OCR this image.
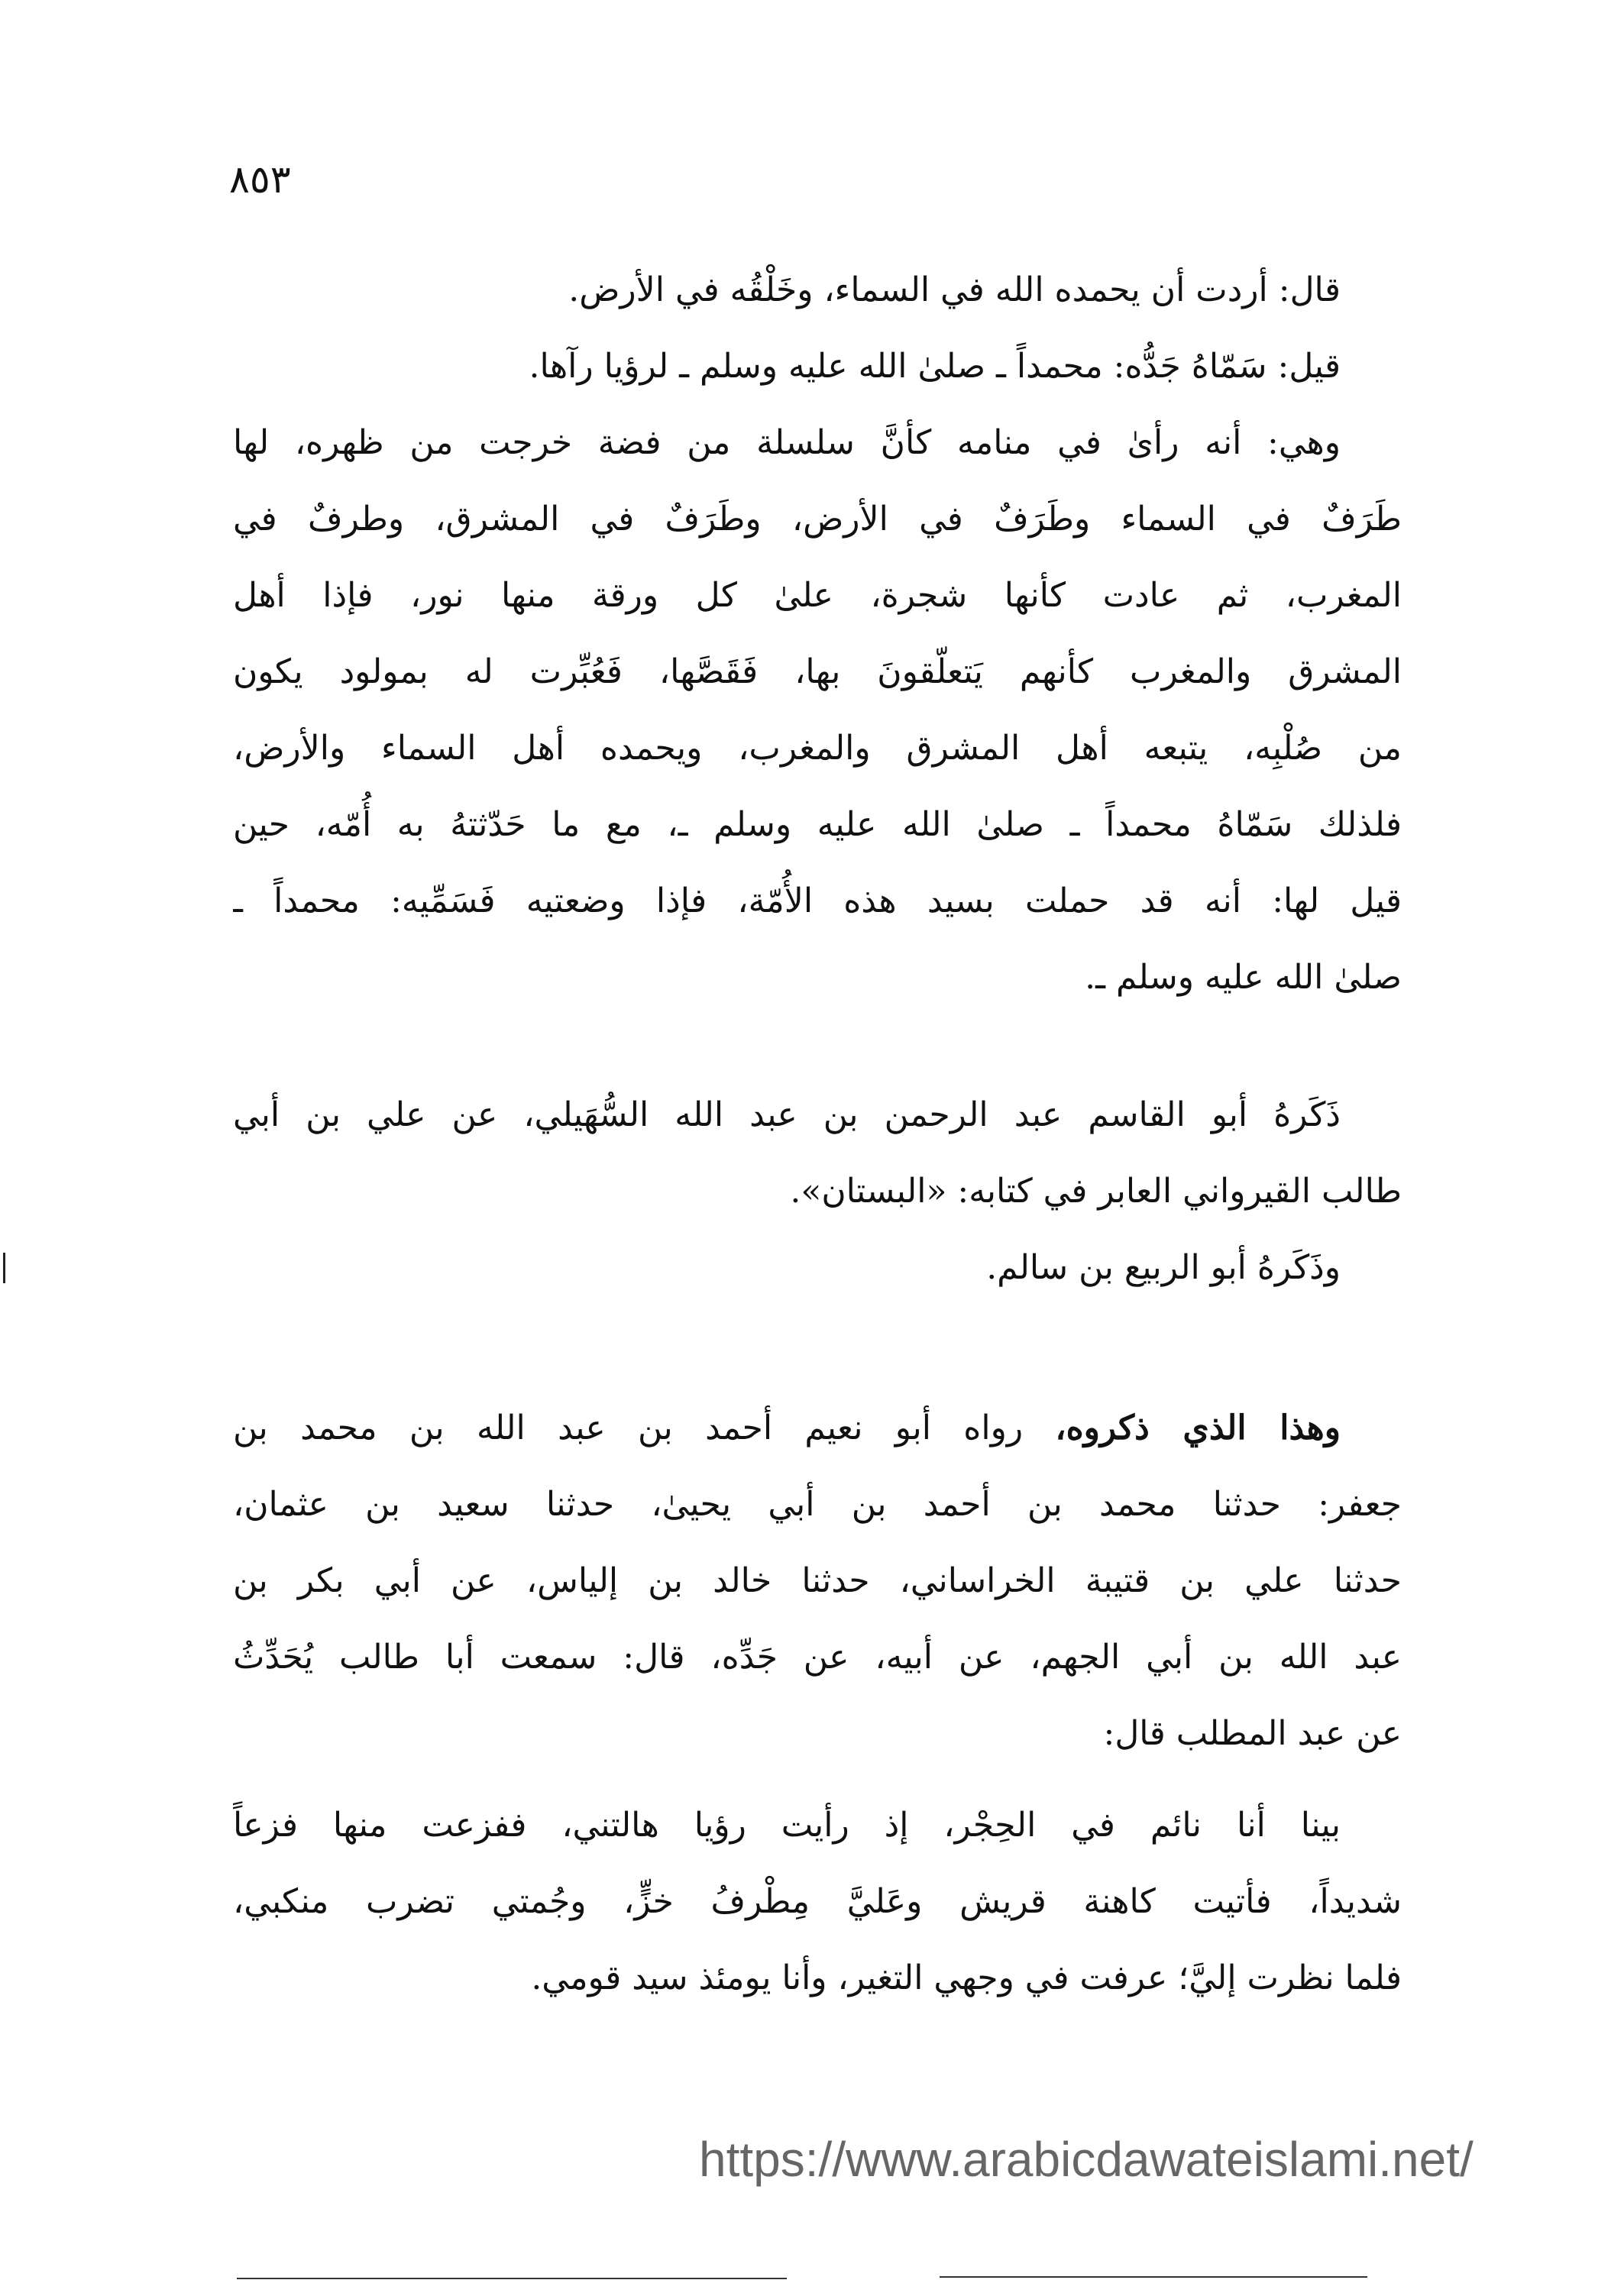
٨٥٣
قال: أردت أن يحمده الله في السماء، وخَلْقُه في الأرض.
قيل: سَمّاهُ جَدُّه: محمداً ـ صلىٰ الله عليه وسلم ـ لرؤيا رآها.
وهي: أنه رأىٰ في منامه كأنَّ سلسلة من فضة خرجت من ظهره، لها
طَرَفٌ في السماء وطَرَفٌ في الأرض، وطَرَفٌ في المشرق، وطرفٌ في
المغرب، ثم عادت كأنها شجرة، علىٰ كل ورقة منها نور، فإذا أهل
المشرق والمغرب كأنهم يَتعلّقونَ بها، فَقَصَّها، فَعُبِّرت له بمولود يكون
من صُلْبِه، يتبعه أهل المشرق والمغرب، ويحمده أهل السماء والأرض،
فلذلك سَمّاهُ محمداً ـ صلىٰ الله عليه وسلم ـ، مع ما حَدّثتهُ به أُمّه، حين
قيل لها: أنه قد حملت بسيد هذه الأُمّة، فإذا وضعتيه فَسَمِّيه: محمداً ـ
صلىٰ الله عليه وسلم ـ.
ذَكَرهُ أبو القاسم عبد الرحمن بن عبد الله السُّهَيلي، عن علي بن أبي
طالب القيرواني العابر في كتابه: «البستان».
وذَكَرهُ أبو الربيع بن سالم.
وهذا الذي ذكروه، رواه أبو نعيم أحمد بن عبد الله بن محمد بن
جعفر: حدثنا محمد بن أحمد بن أبي يحيىٰ، حدثنا سعيد بن عثمان،
حدثنا علي بن قتيبة الخراساني، حدثنا خالد بن إلياس، عن أبي بكر بن
عبد الله بن أبي الجهم، عن أبيه، عن جَدِّه، قال: سمعت أبا طالب يُحَدِّثُ
عن عبد المطلب قال:
بينا أنا نائم في الحِجْر، إذ رأيت رؤيا هالتني، ففزعت منها فزعاً
شديداً، فأتيت كاهنة قريش وعَليَّ مِطْرفُ خزٍّ، وجُمتي تضرب منكبي،
فلما نظرت إليَّ؛ عرفت في وجهي التغير، وأنا يومئذ سيد قومي.
https://www.arabicdawateislami.net/
